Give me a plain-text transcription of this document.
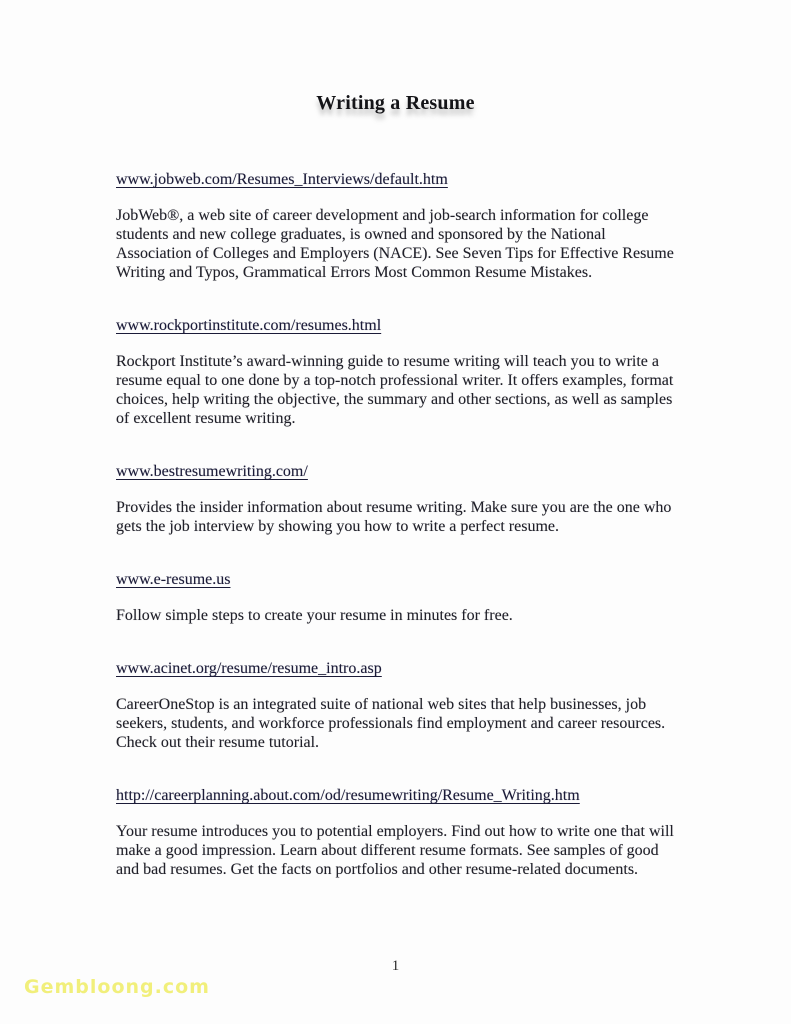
Writing a Resume
www.jobweb.com/Resumes_Interviews/default.htm

JobWeb®, a web site of career development and job-search information for college students and new college graduates, is owned and sponsored by the National Association of Colleges and Employers (NACE). See Seven Tips for Effective Resume Writing and Typos, Grammatical Errors Most Common Resume Mistakes.

www.rockportinstitute.com/resumes.html

Rockport Institute’s award-winning guide to resume writing will teach you to write a resume equal to one done by a top-notch professional writer. It offers examples, format choices, help writing the objective, the summary and other sections, as well as samples of excellent resume writing.

www.bestresumewriting.com/

Provides the insider information about resume writing. Make sure you are the one who gets the job interview by showing you how to write a perfect resume.

www.e-resume.us

Follow simple steps to create your resume in minutes for free.

www.acinet.org/resume/resume_intro.asp

CareerOneStop is an integrated suite of national web sites that help businesses, job seekers, students, and workforce professionals find employment and career resources. Check out their resume tutorial.

http://careerplanning.about.com/od/resumewriting/Resume_Writing.htm

Your resume introduces you to potential employers. Find out how to write one that will make a good impression. Learn about different resume formats. See samples of good and bad resumes. Get the facts on portfolios and other resume-related documents.

1
Gembloong.com
